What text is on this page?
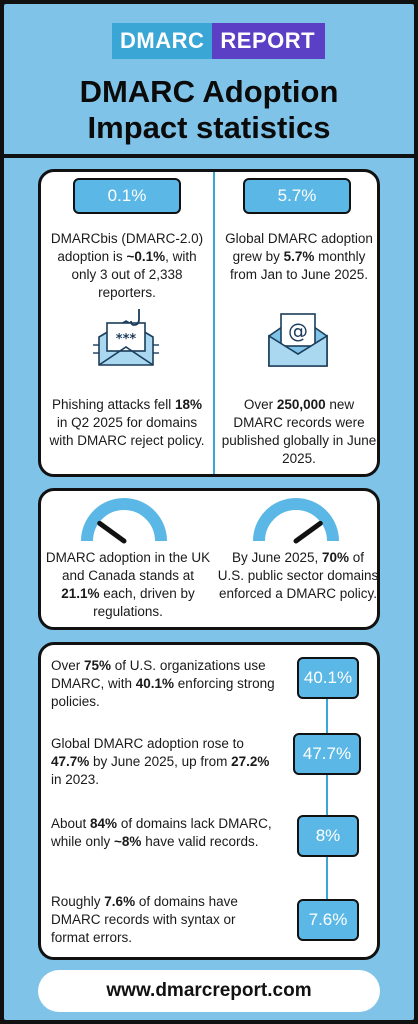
DMARC REPORT
DMARC Adoption Impact statistics
0.1%	5.7%
DMARCbis (DMARC-2.0) adoption is ~0.1%, with only 3 out of 2,338 reporters.
Global DMARC adoption grew by 5.7% monthly from Jan to June 2025.
***	@
Phishing attacks fell 18% in Q2 2025 for domains with DMARC reject policy.
Over 250,000 new DMARC records were published globally in June 2025.
DMARC adoption in the UK and Canada stands at 21.1% each, driven by regulations.
By June 2025, 70% of U.S. public sector domains enforced a DMARC policy.
Over 75% of U.S. organizations use DMARC, with 40.1% enforcing strong policies.
40.1%
Global DMARC adoption rose to 47.7% by June 2025, up from 27.2% in 2023.
47.7%
About 84% of domains lack DMARC, while only ~8% have valid records.	8%
Roughly 7.6% of domains have DMARC records with syntax or format errors.
7.6%
www.dmarcreport.com
